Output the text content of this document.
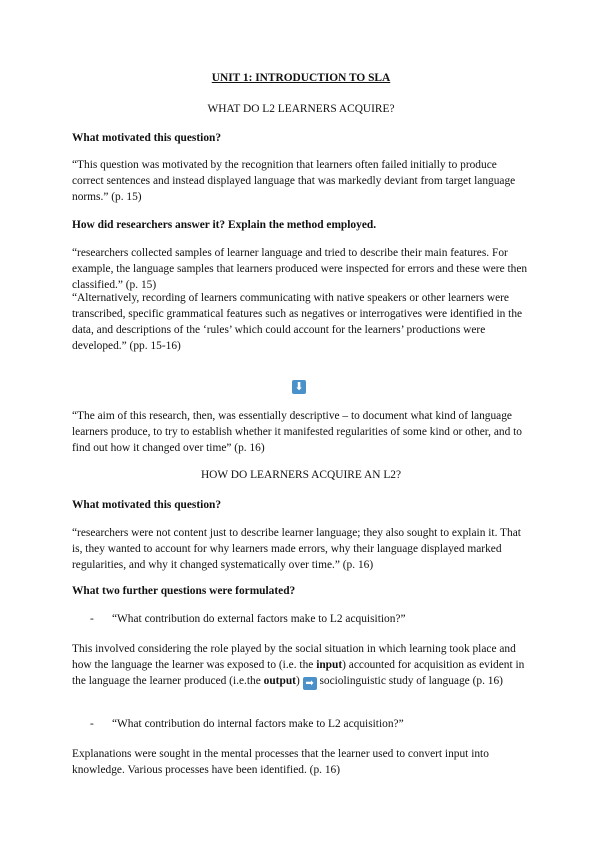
UNIT 1: INTRODUCTION TO SLA
WHAT DO L2 LEARNERS ACQUIRE?
What motivated this question?
“This question was motivated by the recognition that learners often failed initially to produce correct sentences and instead displayed language that was markedly deviant from target language norms.” (p. 15)
How did researchers answer it? Explain the method employed.
“researchers collected samples of learner language and tried to describe their main features. For example, the language samples that learners produced were inspected for errors and these were then classified.” (p. 15)
“Alternatively, recording of learners communicating with native speakers or other learners were transcribed, specific grammatical features such as negatives or interrogatives were identified in the data, and descriptions of the ‘rules’ which could account for the learners’ productions were developed.” (pp. 15-16)
⬇
“The aim of this research, then, was essentially descriptive – to document what kind of language learners produce, to try to establish whether it manifested regularities of some kind or other, and to find out how it changed over time” (p. 16)
HOW DO LEARNERS ACQUIRE AN L2?
What motivated this question?
“researchers were not content just to describe learner language; they also sought to explain it. That is, they wanted to account for why learners made errors, why their language displayed marked regularities, and why it changed systematically over time.” (p. 16)
What two further questions were formulated?
- “What contribution do external factors make to L2 acquisition?”
This involved considering the role played by the social situation in which learning took place and how the language the learner was exposed to (i.e. the input) accounted for acquisition as evident in the language the learner produced (i.e.the output) ➡ sociolinguistic study of language (p. 16)
- “What contribution do internal factors make to L2 acquisition?”
Explanations were sought in the mental processes that the learner used to convert input into knowledge. Various processes have been identified. (p. 16)
